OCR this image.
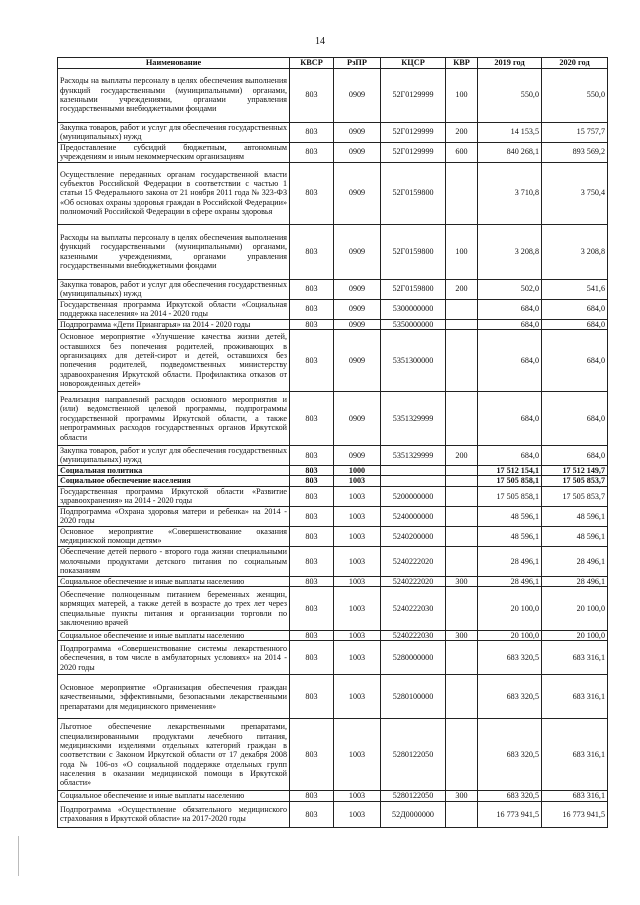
14
Наименование	КВСР	РзПР	КЦСР	КВР	2019 год	2020 год
Расходы на выплаты персоналу в целях обеспечения выполнения функций государственными (муниципальными) органами, казенными учреждениями, органами управления государственными внебюджетными фондами	803	0909	52Г0129999	100	550,0	550,0
Закупка товаров, работ и услуг для обеспечения государственных (муниципальных) нужд	803	0909	52Г0129999	200	14 153,5	15 757,7
Предоставление субсидий бюджетным, автономным учреждениям и иным некоммерческим организациям	803	0909	52Г0129999	600	840 268,1	893 569,2
Осуществление переданных органам государственной власти субъектов Российской Федерации в соответствии с частью 1 статьи 15 Федерального закона от 21 ноября 2011 года № 323-ФЗ «Об основах охраны здоровья граждан в Российской Федерации» полномочий Российской Федерации в сфере охраны здоровья	803	0909	52Г0159800		3 710,8	3 750,4
Расходы на выплаты персоналу в целях обеспечения выполнения функций государственными (муниципальными) органами, казенными учреждениями, органами управления государственными внебюджетными фондами	803	0909	52Г0159800	100	3 208,8	3 208,8
Закупка товаров, работ и услуг для обеспечения государственных (муниципальных) нужд	803	0909	52Г0159800	200	502,0	541,6
Государственная программа Иркутской области «Социальная поддержка населения» на 2014 - 2020 годы	803	0909	5300000000		684,0	684,0
Подпрограмма «Дети Приангарья» на 2014 - 2020 годы	803	0909	5350000000		684,0	684,0
Основное мероприятие «Улучшение качества жизни детей, оставшихся без попечения родителей, проживающих в организациях для детей-сирот и детей, оставшихся без попечения родителей, подведомственных министерству здравоохранения Иркутской области. Профилактика отказов от новорожденных детей»	803	0909	5351300000		684,0	684,0
Реализация направлений расходов основного мероприятия и (или) ведомственной целевой программы, подпрограммы государственной программы Иркутской области, а также непрограммных расходов государственных органов Иркутской области	803	0909	5351329999		684,0	684,0
Закупка товаров, работ и услуг для обеспечения государственных (муниципальных) нужд	803	0909	5351329999	200	684,0	684,0
Социальная политика	803	1000			17 512 154,1	17 512 149,7
Социальное обеспечение населения	803	1003			17 505 858,1	17 505 853,7
Государственная программа Иркутской области «Развитие здравоохранения» на 2014 - 2020 годы	803	1003	5200000000		17 505 858,1	17 505 853,7
Подпрограмма «Охрана здоровья матери и ребенка» на 2014 - 2020 годы	803	1003	5240000000		48 596,1	48 596,1
Основное мероприятие «Совершенствование оказания медицинской помощи детям»	803	1003	5240200000		48 596,1	48 596,1
Обеспечение детей первого - второго года жизни специальными молочными продуктами детского питания по социальным показаниям	803	1003	5240222020		28 496,1	28 496,1
Социальное обеспечение и иные выплаты населению	803	1003	5240222020	300	28 496,1	28 496,1
Обеспечение полноценным питанием беременных женщин, кормящих матерей, а также детей в возрасте до трех лет через специальные пункты питания и организации торговли по заключению врачей	803	1003	5240222030		20 100,0	20 100,0
Социальное обеспечение и иные выплаты населению	803	1003	5240222030	300	20 100,0	20 100,0
Подпрограмма «Совершенствование системы лекарственного обеспечения, в том числе в амбулаторных условиях» на 2014 - 2020 годы	803	1003	5280000000		683 320,5	683 316,1
Основное мероприятие «Организация обеспечения граждан качественными, эффективными, безопасными лекарственными препаратами для медицинского применения»	803	1003	5280100000		683 320,5	683 316,1
Льготное обеспечение лекарственными препаратами, специализированными продуктами лечебного питания, медицинскими изделиями отдельных категорий граждан в соответствии с Законом Иркутской области от 17 декабря 2008 года № 106-оз «О социальной поддержке отдельных групп населения в оказании медицинской помощи в Иркутской области»	803	1003	5280122050		683 320,5	683 316,1
Социальное обеспечение и иные выплаты населению	803	1003	5280122050	300	683 320,5	683 316,1
Подпрограмма «Осуществление обязательного медицинского страхования в Иркутской области» на 2017-2020 годы	803	1003	52Д0000000		16 773 941,5	16 773 941,5
